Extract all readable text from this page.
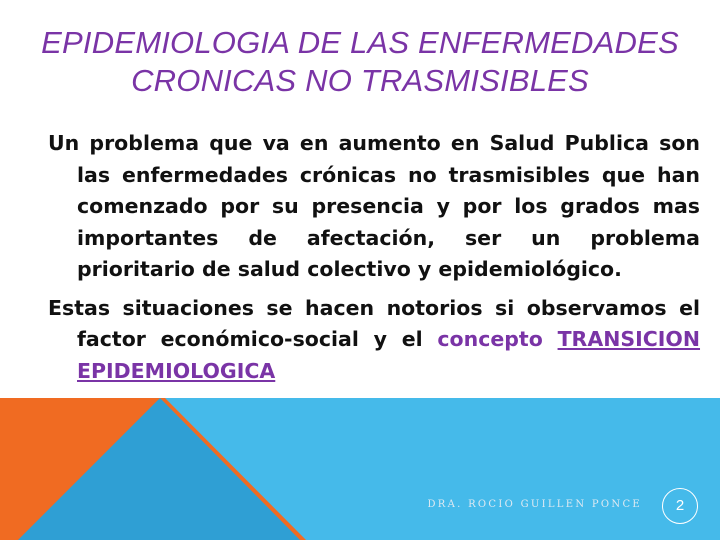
EPIDEMIOLOGIA DE LAS ENFERMEDADES
CRONICAS NO TRASMISIBLES

Un problema que va en aumento en Salud Publica son las enfermedades crónicas no trasmisibles que han comenzado por su presencia y por los grados mas importantes de afectación, ser un problema prioritario de salud colectivo y epidemiológico.

Estas situaciones se hacen notorios si observamos el factor económico-social y el concepto TRANSICION EPIDEMIOLOGICA

DRA. ROCIO GUILLEN PONCE	2
